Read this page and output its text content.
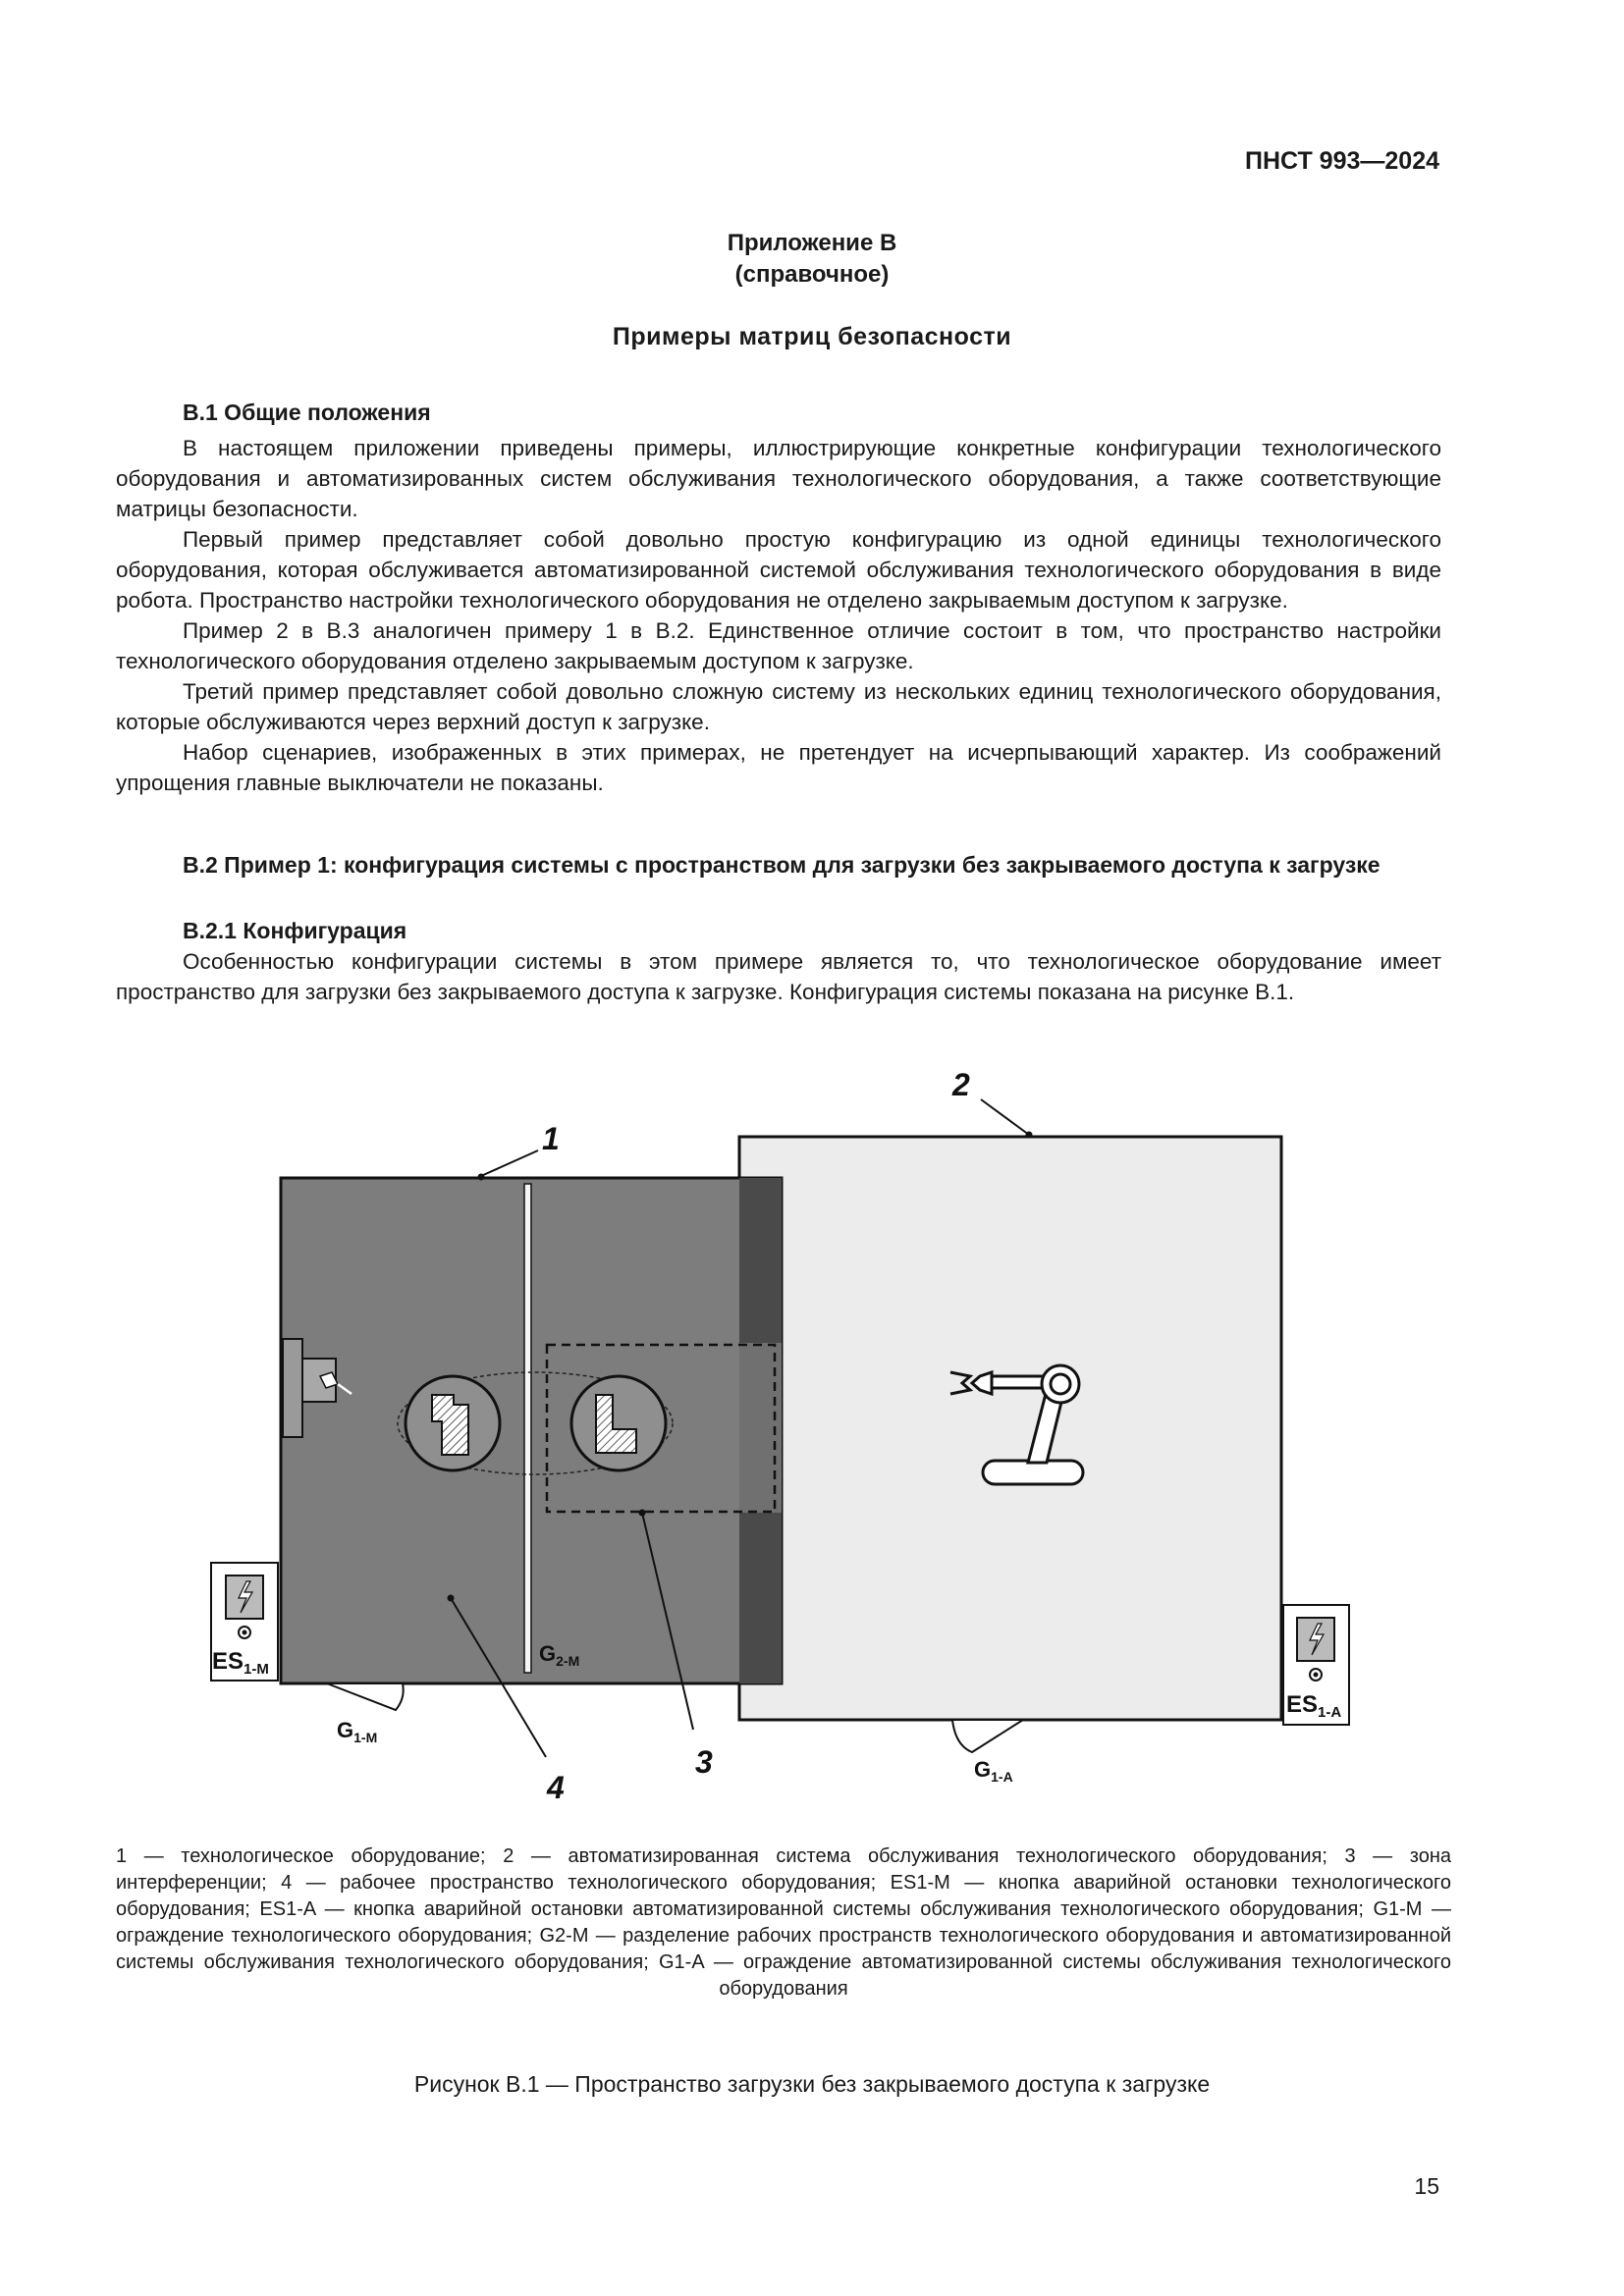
ПНСТ 993—2024
Приложение В
(справочное)
Примеры матриц безопасности
В.1 Общие положения

В настоящем приложении приведены примеры, иллюстрирующие конкретные конфигурации технологического оборудования и автоматизированных систем обслуживания технологического оборудования, а также соответствующие матрицы безопасности.

Первый пример представляет собой довольно простую конфигурацию из одной единицы технологического оборудования, которая обслуживается автоматизированной системой обслуживания технологического оборудования в виде робота. Пространство настройки технологического оборудования не отделено закрываемым доступом к загрузке.

Пример 2 в В.3 аналогичен примеру 1 в В.2. Единственное отличие состоит в том, что пространство настройки технологического оборудования отделено закрываемым доступом к загрузке.

Третий пример представляет собой довольно сложную систему из нескольких единиц технологического оборудования, которые обслуживаются через верхний доступ к загрузке.

Набор сценариев, изображенных в этих примерах, не претендует на исчерпывающий характер. Из соображений упрощения главные выключатели не показаны.

В.2 Пример 1: конфигурация системы с пространством для загрузки без закрываемого доступа к загрузке
В.2.1 Конфигурация

Особенностью конфигурации системы в этом примере является то, что технологическое оборудование имеет пространство для загрузки без закрываемого доступа к загрузке. Конфигурация системы показана на рисунке В.1.

1
2
3
4
$ES_{1-M}$
$ES_{1-A}$
$G_{1-M}$
$G_{2-M}$
$G_{1-A}$
1 — технологическое оборудование; 2 — автоматизированная система обслуживания технологического оборудования; 3 — зона интерференции; 4 — рабочее пространство технологического оборудования; ES1-M — кнопка аварийной остановки технологического оборудования; ES1-A — кнопка аварийной остановки автоматизированной системы обслуживания технологического оборудования; G1-M — ограждение технологического оборудования; G2-M — разделение рабочих пространств технологического оборудования и автоматизированной системы обслуживания технологического оборудования; G1-A — ограждение автоматизированной системы обслуживания технологического оборудования
Рисунок В.1 — Пространство загрузки без закрываемого доступа к загрузке
15
